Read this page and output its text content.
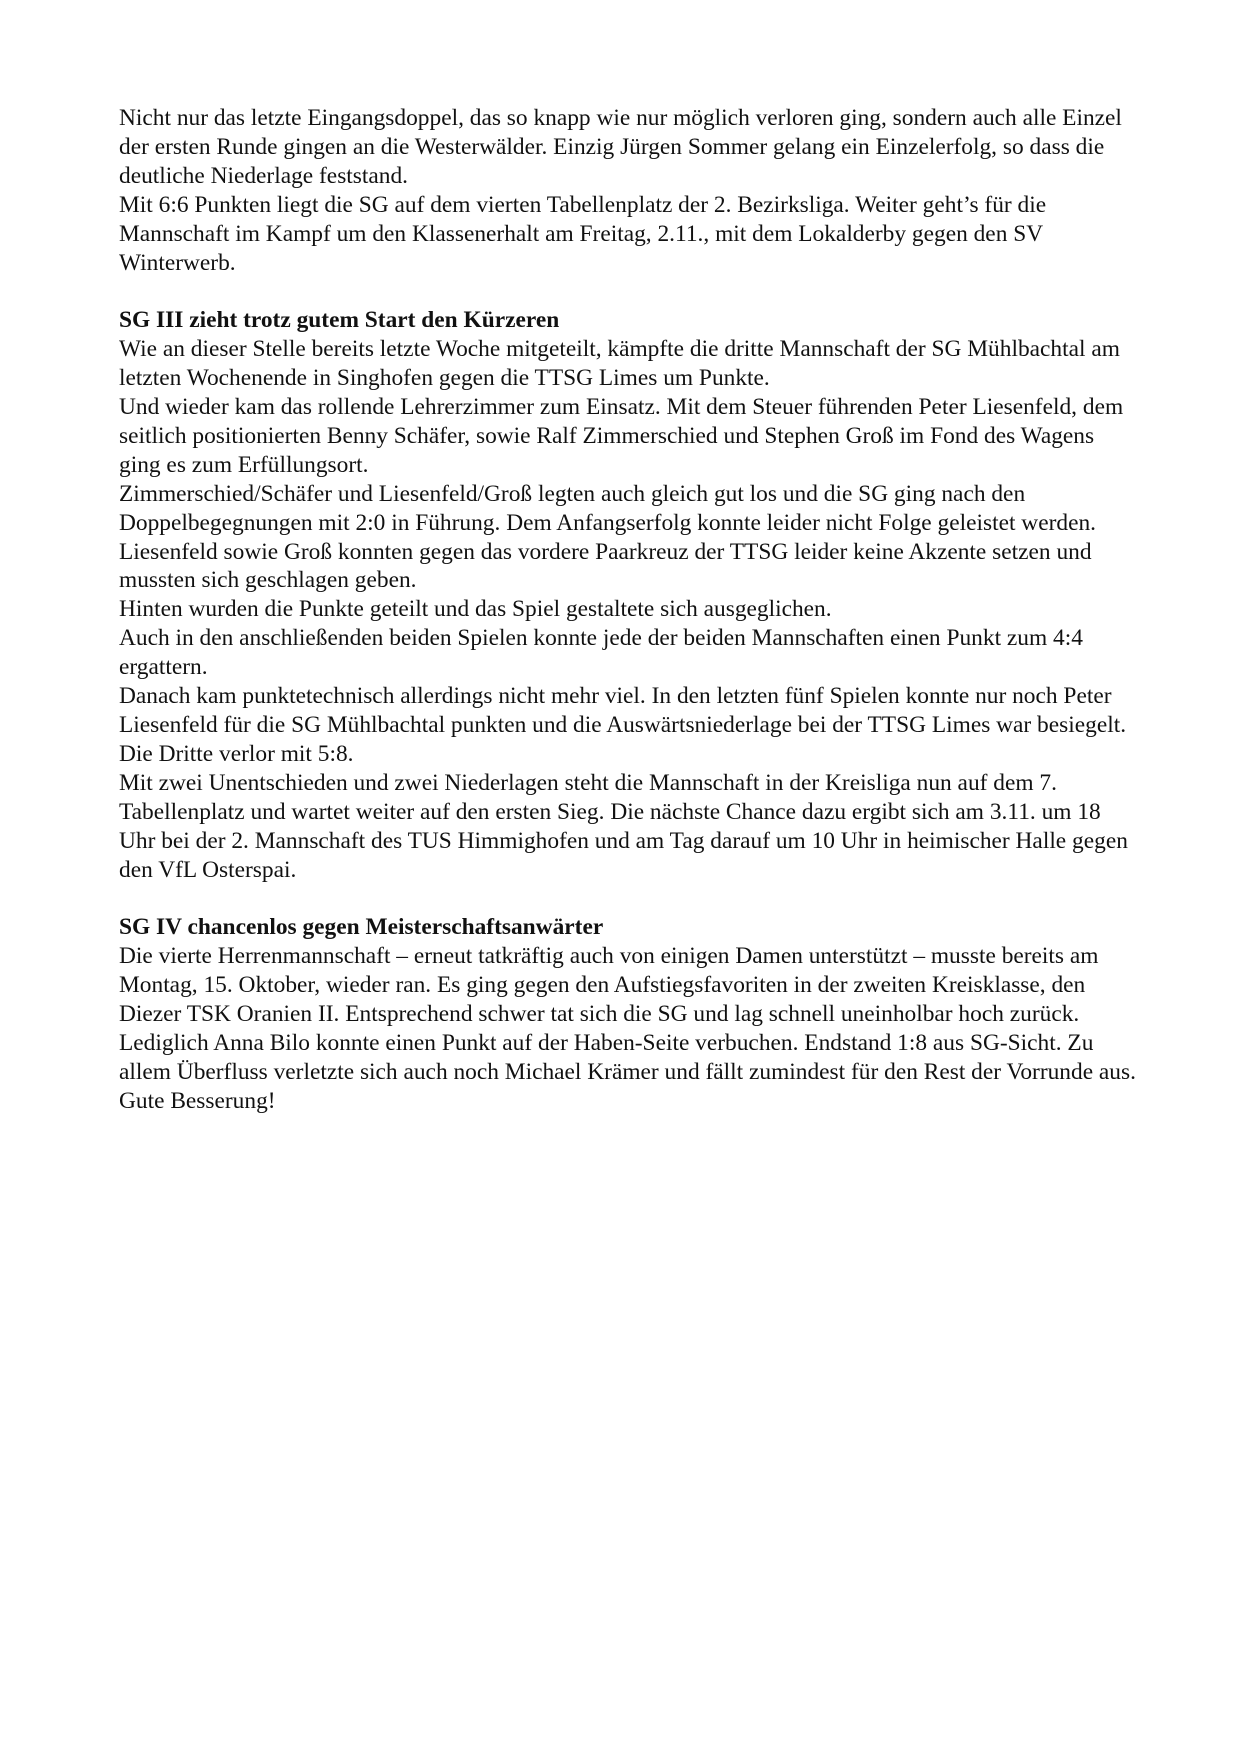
Nicht nur das letzte Eingangsdoppel, das so knapp wie nur möglich verloren ging, sondern auch alle Einzel der ersten Runde gingen an die Westerwälder. Einzig Jürgen Sommer gelang ein Einzelerfolg, so dass die deutliche Niederlage feststand.

Mit 6:6 Punkten liegt die SG auf dem vierten Tabellenplatz der 2. Bezirksliga. Weiter geht’s für die Mannschaft im Kampf um den Klassenerhalt am Freitag, 2.11., mit dem Lokalderby gegen den SV Winterwerb.

SG III zieht trotz gutem Start den Kürzeren

Wie an dieser Stelle bereits letzte Woche mitgeteilt, kämpfte die dritte Mannschaft der SG Mühlbachtal am letzten Wochenende in Singhofen gegen die TTSG Limes um Punkte.

Und wieder kam das rollende Lehrerzimmer zum Einsatz. Mit dem Steuer führenden Peter Liesenfeld, dem seitlich positionierten Benny Schäfer, sowie Ralf Zimmerschied und Stephen Groß im Fond des Wagens ging es zum Erfüllungsort.

Zimmerschied/Schäfer und Liesenfeld/Groß legten auch gleich gut los und die SG ging nach den Doppelbegegnungen mit 2:0 in Führung. Dem Anfangserfolg konnte leider nicht Folge geleistet werden. Liesenfeld sowie Groß konnten gegen das vordere Paarkreuz der TTSG leider keine Akzente setzen und mussten sich geschlagen geben.

Hinten wurden die Punkte geteilt und das Spiel gestaltete sich ausgeglichen.

Auch in den anschließenden beiden Spielen konnte jede der beiden Mannschaften einen Punkt zum 4:4 ergattern.

Danach kam punktetechnisch allerdings nicht mehr viel. In den letzten fünf Spielen konnte nur noch Peter Liesenfeld für die SG Mühlbachtal punkten und die Auswärtsniederlage bei der TTSG Limes war besiegelt. Die Dritte verlor mit 5:8.

Mit zwei Unentschieden und zwei Niederlagen steht die Mannschaft in der Kreisliga nun auf dem 7. Tabellenplatz und wartet weiter auf den ersten Sieg. Die nächste Chance dazu ergibt sich am 3.11. um 18 Uhr bei der 2. Mannschaft des TUS Himmighofen und am Tag darauf um 10 Uhr in heimischer Halle gegen den VfL Osterspai.

SG IV chancenlos gegen Meisterschaftsanwärter

Die vierte Herrenmannschaft – erneut tatkräftig auch von einigen Damen unterstützt – musste bereits am Montag, 15. Oktober, wieder ran. Es ging gegen den Aufstiegsfavoriten in der zweiten Kreisklasse, den Diezer TSK Oranien II. Entsprechend schwer tat sich die SG und lag schnell uneinholbar hoch zurück. Lediglich Anna Bilo konnte einen Punkt auf der Haben-Seite verbuchen. Endstand 1:8 aus SG-Sicht. Zu allem Überfluss verletzte sich auch noch Michael Krämer und fällt zumindest für den Rest der Vorrunde aus. Gute Besserung!
